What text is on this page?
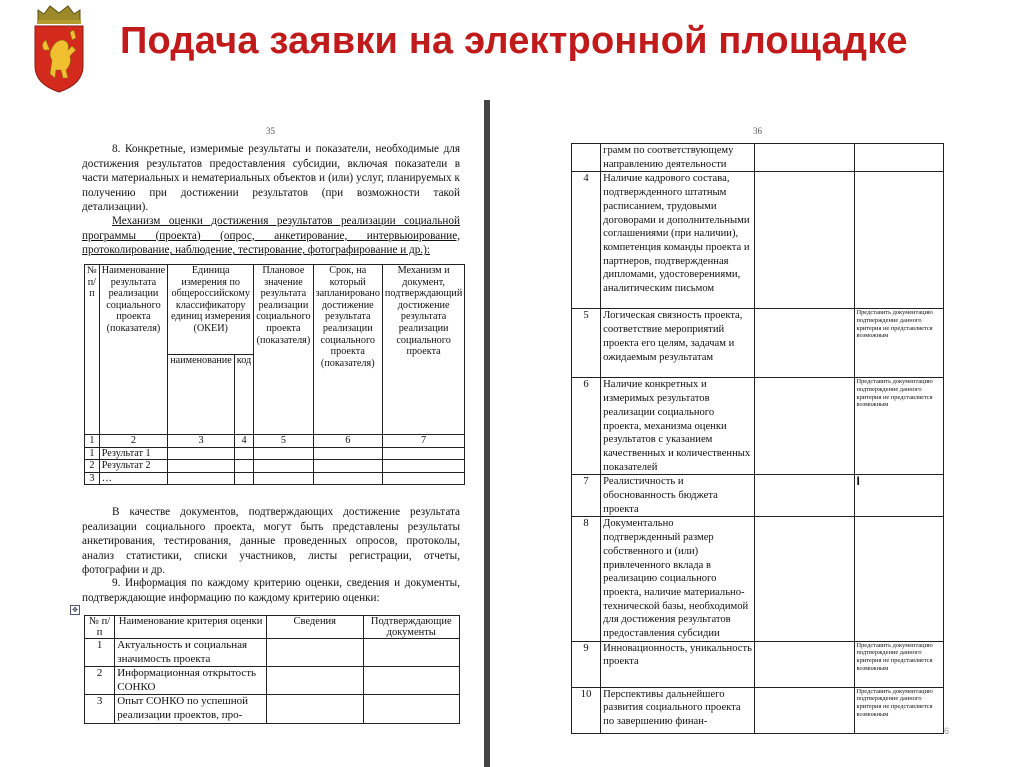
Подача заявки на электронной площадке
35

8. Конкретные, измеримые результаты и показатели, необходимые для достижения результатов предоставления субсидии, включая показатели в части материальных и нематериальных объектов и (или) услуг, планируемых к получению при достижении результатов (при возможности такой детализации).

Механизм оценки достижения результатов реализации социальной программы (проекта) (опрос, анкетирование, интервьюирование, протоколирование, наблюдение, тестирование, фотографирование и др.):

№ п/п	Наименование результата реализации социального проекта (показателя)	Единица измерения по общероссийскому классификатору единиц измерения (ОКЕИ)		Плановое значение результата реализации социального проекта (показателя)	Срок, на который запланировано достижение результата реализации социального проекта (показателя)	Механизм и документ, подтверждающий достижение результата реализации социального проекта
		наименование	код			
1	2	3	4	5	6	7
1	Результат 1					
2	Результат 2					
3	…					

В качестве документов, подтверждающих достижение результата реализации социального проекта, могут быть представлены результаты анкетирования, тестирования, данные проведенных опросов, протоколы, анализ статистики, списки участников, листы регистрации, отчеты, фотографии и др.

9. Информация по каждому критерию оценки, сведения и документы, подтверждающие информацию по каждому критерию оценки:

✥
№ п/п	Наименование критерия оценки	Сведения	Подтверждающие документы
1	Актуальность и социальная значимость проекта		
2	Информационная открытость СОНКО		
3	Опыт СОНКО по успешной реализации проектов, про-		
36
	грамм по соответствующему направлению деятельности		
4	Наличие кадрового состава, подтвержденного штатным расписанием, трудовыми договорами и дополнительными соглашениями (при наличии), компетенция команды проекта и партнеров, подтвержденная дипломами, удостоверениями, аналитическим письмом		
5	Логическая связность проектa, соответствие мероприятий проекта его целям, задачам и ожидаемым результатам		Представить документацию подтверждение данного критерия не представляется возможным
6	Наличие конкретных и измеримых результатов реализации социального проекта, механизма оценки результатов с указанием качественных и количественных показателей		Представить документацию подтверждение данного критерия не представляется возможным
7	Реалистичность и обоснованность бюджета проекта		I
8	Документально подтвержденный размер собственного и (или) привлеченного вклада в реализацию социального проекта, наличие материально-технической базы, необходимой для достижения результатов предоставления субсидии		
9	Инновационность, уникальность проекта		Представить документацию подтверждение данного критерия не представляется возможным
10	Перспективы дальнейшего развития социального проекта по завершению финан-		Представить документацию подтверждение данного критерия не представляется возможным
6
